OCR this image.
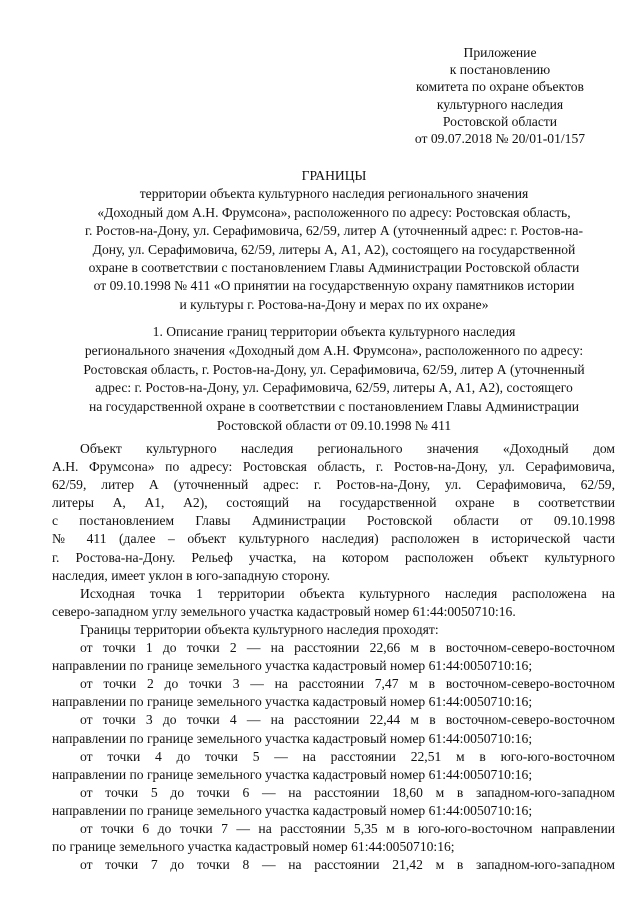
Приложение
к постановлению
комитета по охране объектов
культурного наследия
Ростовской области
от 09.07.2018 № 20/01-01/157
ГРАНИЦЫ
территории объекта культурного наследия регионального значения
«Доходный дом А.Н. Фрумсона», расположенного по адресу: Ростовская область,
г. Ростов-на-Дону, ул. Серафимовича, 62/59, литер А (уточненный адрес: г. Ростов-на-
Дону, ул. Серафимовича, 62/59, литеры А, А1, А2), состоящего на государственной
охране в соответствии с постановлением Главы Администрации Ростовской области
от 09.10.1998 № 411 «О принятии на государственную охрану памятников истории
и культуры г. Ростова-на-Дону и мерах по их охране»
1. Описание границ территории объекта культурного наследия
регионального значения «Доходный дом А.Н. Фрумсона», расположенного по адресу:
Ростовская область, г. Ростов-на-Дону, ул. Серафимовича, 62/59, литер А (уточненный
адрес: г. Ростов-на-Дону, ул. Серафимовича, 62/59, литеры А, А1, А2), состоящего
на государственной охране в соответствии с постановлением Главы Администрации
Ростовской области от 09.10.1998 № 411
Объект культурного наследия регионального значения «Доходный дом
А.Н. Фрумсона» по адресу: Ростовская область, г. Ростов-на-Дону, ул. Серафимовича,
62/59, литер А (уточненный адрес: г. Ростов-на-Дону, ул. Серафимовича, 62/59,
литеры А, А1, А2), состоящий на государственной охране в соответствии
с постановлением Главы Администрации Ростовской области от 09.10.1998
№ 411 (далее – объект культурного наследия) расположен в исторической части
г. Ростова-на-Дону. Рельеф участка, на котором расположен объект культурного
наследия, имеет уклон в юго-западную сторону.
Исходная точка 1 территории объекта культурного наследия расположена на
северо-западном углу земельного участка кадастровый номер 61:44:0050710:16.
Границы территории объекта культурного наследия проходят:
от точки 1 до точки 2 — на расстоянии 22,66 м в восточном-северо-восточном
направлении по границе земельного участка кадастровый номер 61:44:0050710:16;
от точки 2 до точки 3 — на расстоянии 7,47 м в восточном-северо-восточном
направлении по границе земельного участка кадастровый номер 61:44:0050710:16;
от точки 3 до точки 4 — на расстоянии 22,44 м в восточном-северо-восточном
направлении по границе земельного участка кадастровый номер 61:44:0050710:16;
от точки 4 до точки 5 — на расстоянии 22,51 м в юго-юго-восточном
направлении по границе земельного участка кадастровый номер 61:44:0050710:16;
от точки 5 до точки 6 — на расстоянии 18,60 м в западном-юго-западном
направлении по границе земельного участка кадастровый номер 61:44:0050710:16;
от точки 6 до точки 7 — на расстоянии 5,35 м в юго-юго-восточном направлении
по границе земельного участка кадастровый номер 61:44:0050710:16;
от точки 7 до точки 8 — на расстоянии 21,42 м в западном-юго-западном
